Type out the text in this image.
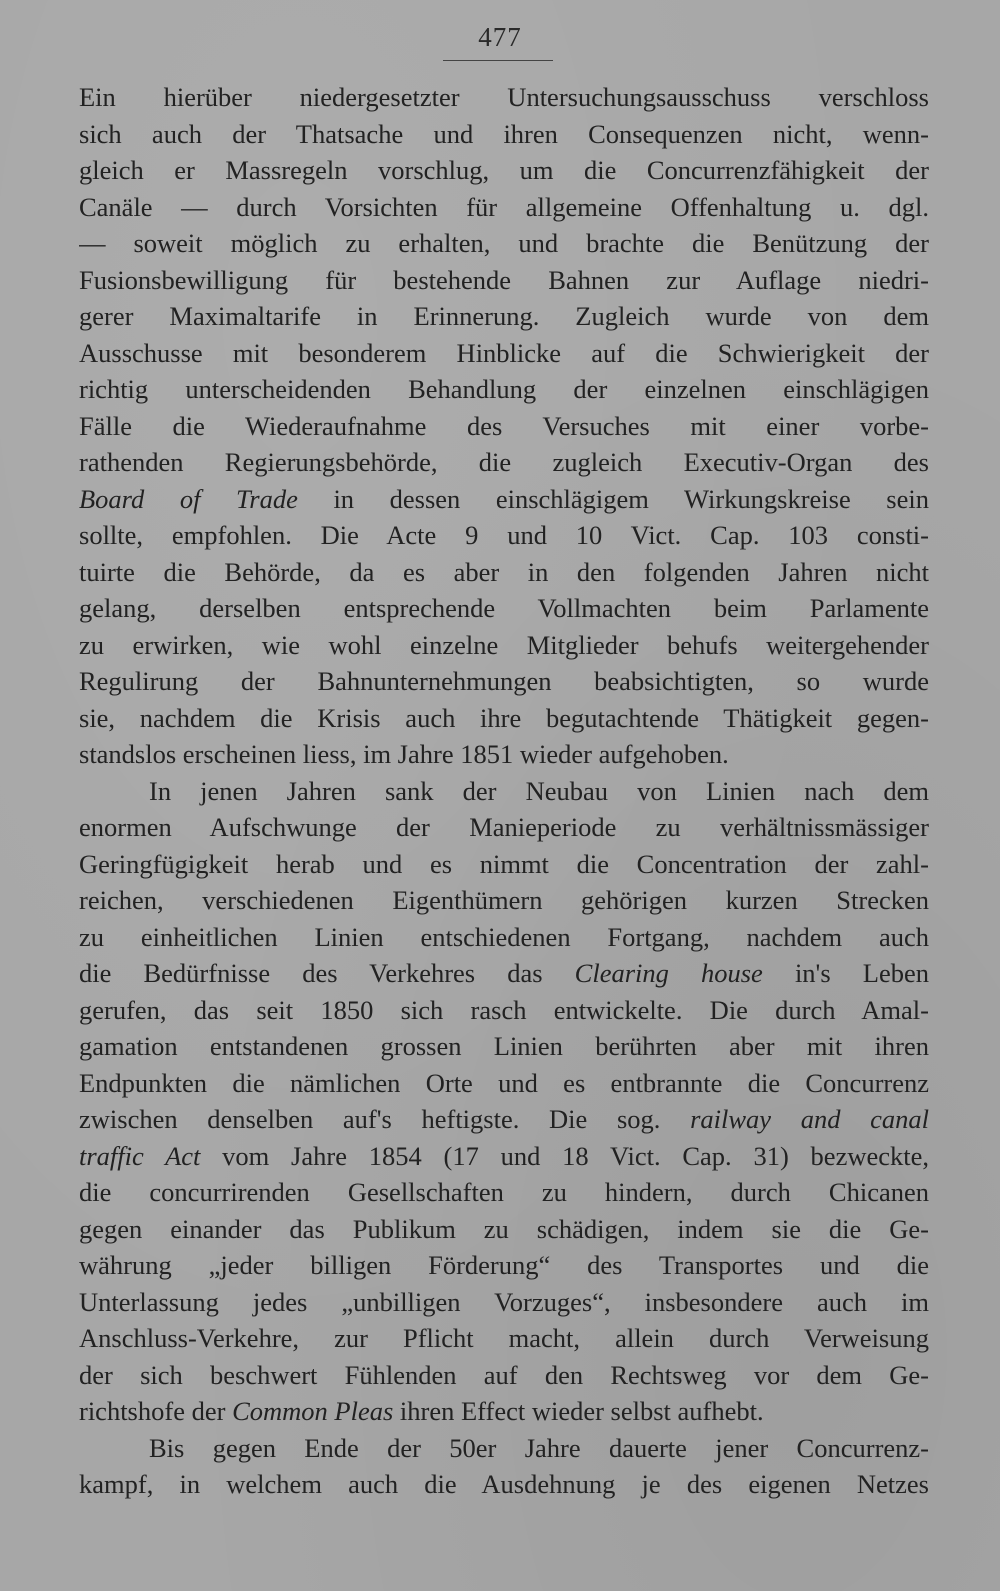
477
Ein hierüber niedergesetzter Untersuchungsausschuss verschloss
sich auch der Thatsache und ihren Consequenzen nicht, wenn-
gleich er Massregeln vorschlug, um die Concurrenzfähigkeit der
Canäle — durch Vorsichten für allgemeine Offenhaltung u. dgl.
— soweit möglich zu erhalten, und brachte die Benützung der
Fusionsbewilligung für bestehende Bahnen zur Auflage niedri-
gerer Maximaltarife in Erinnerung. Zugleich wurde von dem
Ausschusse mit besonderem Hinblicke auf die Schwierigkeit der
richtig unterscheidenden Behandlung der einzelnen einschlägigen
Fälle die Wiederaufnahme des Versuches mit einer vorbe-
rathenden Regierungsbehörde, die zugleich Executiv-Organ des
Board of Trade in dessen einschlägigem Wirkungskreise sein
sollte, empfohlen. Die Acte 9 und 10 Vict. Cap. 103 consti-
tuirte die Behörde, da es aber in den folgenden Jahren nicht
gelang, derselben entsprechende Vollmachten beim Parlamente
zu erwirken, wie wohl einzelne Mitglieder behufs weitergehender
Regulirung der Bahnunternehmungen beabsichtigten, so wurde
sie, nachdem die Krisis auch ihre begutachtende Thätigkeit gegen-
standslos erscheinen liess, im Jahre 1851 wieder aufgehoben.
In jenen Jahren sank der Neubau von Linien nach dem
enormen Aufschwunge der Manieperiode zu verhältnissmässiger
Geringfügigkeit herab und es nimmt die Concentration der zahl-
reichen, verschiedenen Eigenthümern gehörigen kurzen Strecken
zu einheitlichen Linien entschiedenen Fortgang, nachdem auch
die Bedürfnisse des Verkehres das Clearing house in's Leben
gerufen, das seit 1850 sich rasch entwickelte. Die durch Amal-
gamation entstandenen grossen Linien berührten aber mit ihren
Endpunkten die nämlichen Orte und es entbrannte die Concurrenz
zwischen denselben auf's heftigste. Die sog. railway and canal
traffic Act vom Jahre 1854 (17 und 18 Vict. Cap. 31) bezweckte,
die concurrirenden Gesellschaften zu hindern, durch Chicanen
gegen einander das Publikum zu schädigen, indem sie die Ge-
währung „jeder billigen Förderung“ des Transportes und die
Unterlassung jedes „unbilligen Vorzuges“, insbesondere auch im
Anschluss-Verkehre, zur Pflicht macht, allein durch Verweisung
der sich beschwert Fühlenden auf den Rechtsweg vor dem Ge-
richtshofe der Common Pleas ihren Effect wieder selbst aufhebt.
Bis gegen Ende der 50er Jahre dauerte jener Concurrenz-
kampf, in welchem auch die Ausdehnung je des eigenen Netzes
